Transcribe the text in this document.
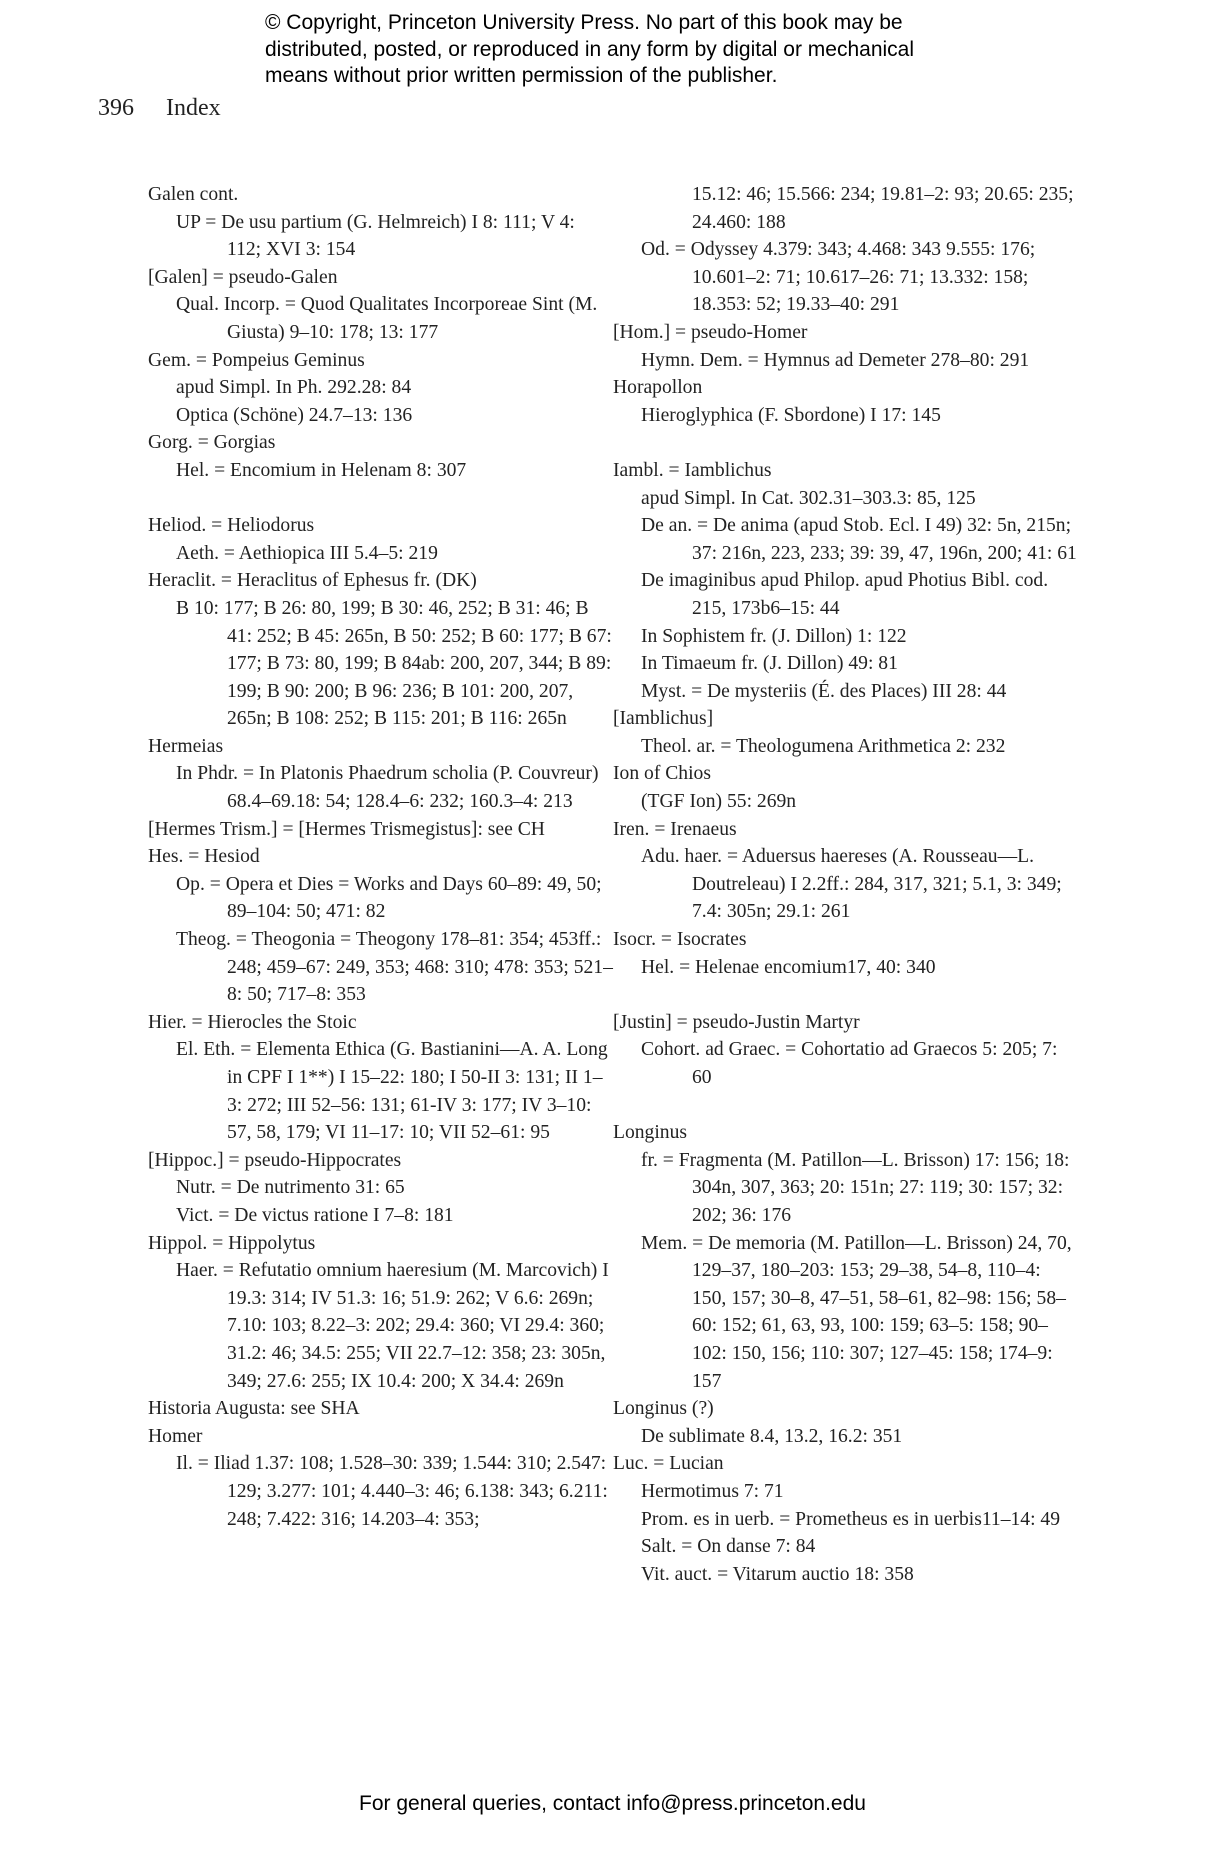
© Copyright, Princeton University Press. No part of this book may be
distributed, posted, or reproduced in any form by digital or mechanical
means without prior written permission of the publisher.
396 Index
Galen cont.
UP = De usu partium (G. Helmreich) I 8: 111; V 4: 112; XVI 3: 154
[Galen] = pseudo-Galen
Qual. Incorp. = Quod Qualitates Incorporeae Sint (M. Giusta) 9–10: 178; 13: 177
Gem. = Pompeius Geminus
apud Simpl. In Ph. 292.28: 84
Optica (Schöne) 24.7–13: 136
Gorg. = Gorgias
Hel. = Encomium in Helenam 8: 307
Heliod. = Heliodorus
Aeth. = Aethiopica III 5.4–5: 219
Heraclit. = Heraclitus of Ephesus fr. (DK)
B 10: 177; B 26: 80, 199; B 30: 46, 252; B 31: 46; B 41: 252; B 45: 265n, B 50: 252; B 60: 177; B 67: 177; B 73: 80, 199; B 84ab: 200, 207, 344; B 89: 199; B 90: 200; B 96: 236; B 101: 200, 207, 265n; B 108: 252; B 115: 201; B 116: 265n
Hermeias
In Phdr. = In Platonis Phaedrum scholia (P. Couvreur) 68.4–69.18: 54; 128.4–6: 232; 160.3–4: 213
[Hermes Trism.] = [Hermes Trismegistus]: see CH
Hes. = Hesiod
Op. = Opera et Dies = Works and Days 60–89: 49, 50; 89–104: 50; 471: 82
Theog. = Theogonia = Theogony 178–81: 354; 453ff.: 248; 459–67: 249, 353; 468: 310; 478: 353; 521–8: 50; 717–8: 353
Hier. = Hierocles the Stoic
El. Eth. = Elementa Ethica (G. Bastianini—A. A. Long in CPF I 1**) I 15–22: 180; I 50-II 3: 131; II 1–3: 272; III 52–56: 131; 61-IV 3: 177; IV 3–10: 57, 58, 179; VI 11–17: 10; VII 52–61: 95
[Hippoc.] = pseudo-Hippocrates
Nutr. = De nutrimento 31: 65
Vict. = De victus ratione I 7–8: 181
Hippol. = Hippolytus
Haer. = Refutatio omnium haeresium (M. Marcovich) I 19.3: 314; IV 51.3: 16; 51.9: 262; V 6.6: 269n; 7.10: 103; 8.22–3: 202; 29.4: 360; VI 29.4: 360; 31.2: 46; 34.5: 255; VII 22.7–12: 358; 23: 305n, 349; 27.6: 255; IX 10.4: 200; X 34.4: 269n
Historia Augusta: see SHA
Homer
Il. = Iliad 1.37: 108; 1.528–30: 339; 1.544: 310; 2.547: 129; 3.277: 101; 4.440–3: 46; 6.138: 343; 6.211: 248; 7.422: 316; 14.203–4: 353;
15.12: 46; 15.566: 234; 19.81–2: 93; 20.65: 235; 24.460: 188
Od. = Odyssey 4.379: 343; 4.468: 343 9.555: 176; 10.601–2: 71; 10.617–26: 71; 13.332: 158; 18.353: 52; 19.33–40: 291
[Hom.] = pseudo-Homer
Hymn. Dem. = Hymnus ad Demeter 278–80: 291
Horapollon
Hieroglyphica (F. Sbordone) I 17: 145
Iambl. = Iamblichus
apud Simpl. In Cat. 302.31–303.3: 85, 125
De an. = De anima (apud Stob. Ecl. I 49) 32: 5n, 215n; 37: 216n, 223, 233; 39: 39, 47, 196n, 200; 41: 61
De imaginibus apud Philop. apud Photius Bibl. cod. 215, 173b6–15: 44
In Sophistem fr. (J. Dillon) 1: 122
In Timaeum fr. (J. Dillon) 49: 81
Myst. = De mysteriis (É. des Places) III 28: 44
[Iamblichus]
Theol. ar. = Theologumena Arithmetica 2: 232
Ion of Chios
(TGF Ion) 55: 269n
Iren. = Irenaeus
Adu. haer. = Aduersus haereses (A. Rousseau—L. Doutreleau) I 2.2ff.: 284, 317, 321; 5.1, 3: 349; 7.4: 305n; 29.1: 261
Isocr. = Isocrates
Hel. = Helenae encomium17, 40: 340
[Justin] = pseudo-Justin Martyr
Cohort. ad Graec. = Cohortatio ad Graecos 5: 205; 7: 60
Longinus
fr. = Fragmenta (M. Patillon—L. Brisson) 17: 156; 18: 304n, 307, 363; 20: 151n; 27: 119; 30: 157; 32: 202; 36: 176
Mem. = De memoria (M. Patillon—L. Brisson) 24, 70, 129–37, 180–203: 153; 29–38, 54–8, 110–4: 150, 157; 30–8, 47–51, 58–61, 82–98: 156; 58–60: 152; 61, 63, 93, 100: 159; 63–5: 158; 90–102: 150, 156; 110: 307; 127–45: 158; 174–9: 157
Longinus (?)
De sublimate 8.4, 13.2, 16.2: 351
Luc. = Lucian
Hermotimus 7: 71
Prom. es in uerb. = Prometheus es in uerbis11–14: 49
Salt. = On danse 7: 84
Vit. auct. = Vitarum auctio 18: 358
For general queries, contact info@press.princeton.edu
